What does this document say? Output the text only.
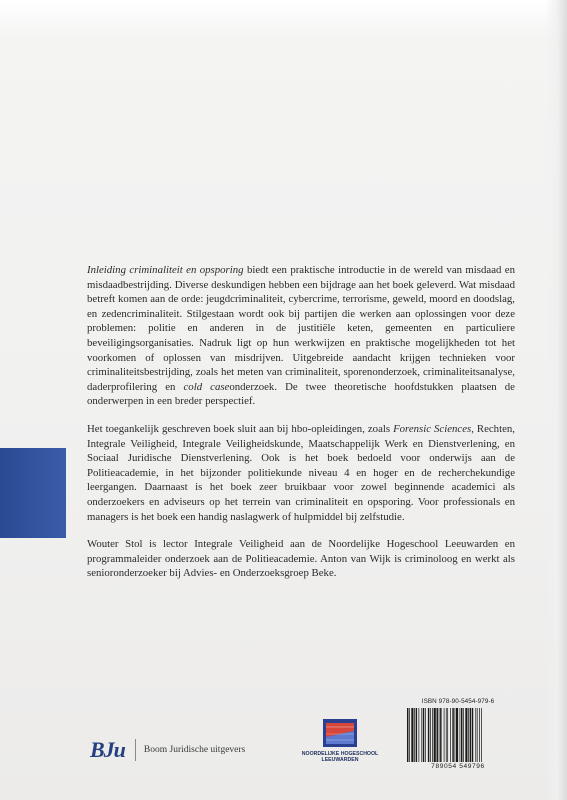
Inleiding criminaliteit en opsporing biedt een praktische introductie in de wereld van misdaad en misdaadbestrijding. Diverse deskundigen hebben een bijdrage aan het boek geleverd. Wat misdaad betreft komen aan de orde: jeugdcriminaliteit, cybercrime, terrorisme, geweld, moord en doodslag, en zedencriminaliteit. Stilgestaan wordt ook bij partijen die werken aan oplossingen voor deze problemen: politie en anderen in de justitiële keten, gemeenten en particuliere beveiligingsorganisaties. Nadruk ligt op hun werkwijzen en praktische mogelijkheden tot het voorkomen of oplossen van misdrijven. Uitgebreide aandacht krijgen technieken voor criminaliteitsbestrijding, zoals het meten van criminaliteit, sporenonderzoek, criminaliteitsanalyse, daderprofilering en cold caseonderzoek. De twee theoretische hoofdstukken plaatsen de onderwerpen in een breder perspectief.

Het toegankelijk geschreven boek sluit aan bij hbo-opleidingen, zoals Forensic Sciences, Rechten, Integrale Veiligheid, Integrale Veiligheidskunde, Maatschappelijk Werk en Dienstverlening, en Sociaal Juridische Dienstverlening. Ook is het boek bedoeld voor onderwijs aan de Politieacademie, in het bijzonder politiekunde niveau 4 en hoger en de recherchekundige leergangen. Daarnaast is het boek zeer bruikbaar voor zowel beginnende academici als onderzoekers en adviseurs op het terrein van criminaliteit en opsporing. Voor professionals en managers is het boek een handig naslagwerk of hulpmiddel bij zelfstudie.

Wouter Stol is lector Integrale Veiligheid aan de Noordelijke Hogeschool Leeuwarden en programmaleider onderzoek aan de Politieacademie. Anton van Wijk is criminoloog en werkt als senioronderzoeker bij Advies- en Onderzoeksgroep Beke.

BJu	Boom Juridische uitgevers	NOORDELIJKE HOGESCHOOL
LEEUWARDEN
ISBN 978-90-5454-979-6
789054 549796
